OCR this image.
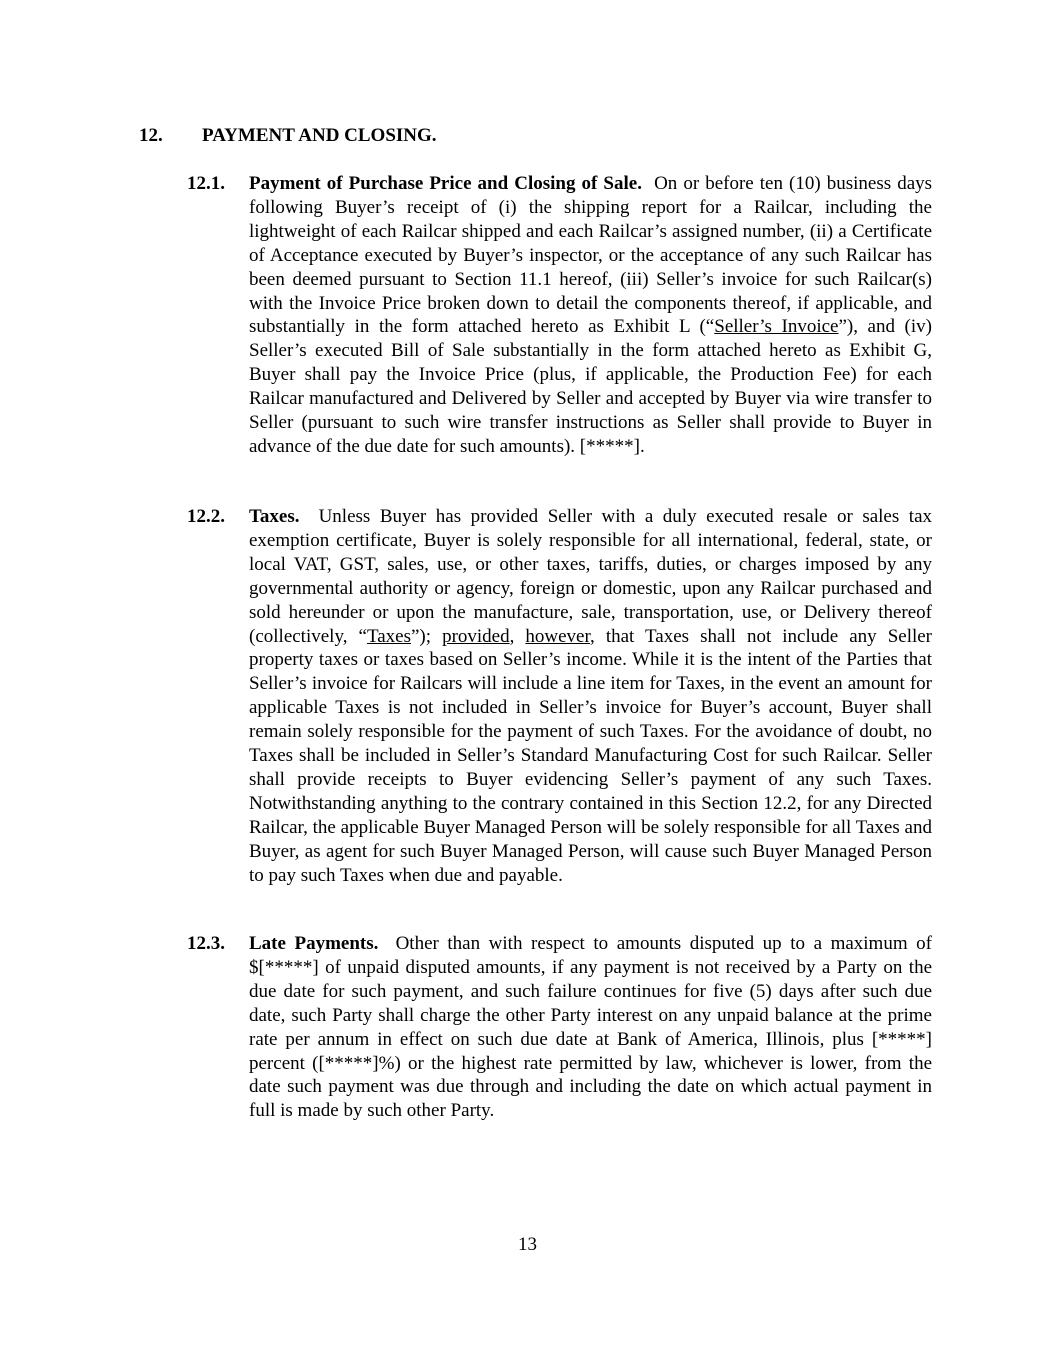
12. PAYMENT AND CLOSING.
12.1. Payment of Purchase Price and Closing of Sale. On or before ten (10) business days following Buyer’s receipt of (i) the shipping report for a Railcar, including the lightweight of each Railcar shipped and each Railcar’s assigned number, (ii) a Certificate of Acceptance executed by Buyer’s inspector, or the acceptance of any such Railcar has been deemed pursuant to Section 11.1 hereof, (iii) Seller’s invoice for such Railcar(s) with the Invoice Price broken down to detail the components thereof, if applicable, and substantially in the form attached hereto as Exhibit L (“Seller’s Invoice”), and (iv) Seller’s executed Bill of Sale substantially in the form attached hereto as Exhibit G, Buyer shall pay the Invoice Price (plus, if applicable, the Production Fee) for each Railcar manufactured and Delivered by Seller and accepted by Buyer via wire transfer to Seller (pursuant to such wire transfer instructions as Seller shall provide to Buyer in advance of the due date for such amounts). [*****].
12.2. Taxes. Unless Buyer has provided Seller with a duly executed resale or sales tax exemption certificate, Buyer is solely responsible for all international, federal, state, or local VAT, GST, sales, use, or other taxes, tariffs, duties, or charges imposed by any governmental authority or agency, foreign or domestic, upon any Railcar purchased and sold hereunder or upon the manufacture, sale, transportation, use, or Delivery thereof (collectively, “Taxes”); provided, however, that Taxes shall not include any Seller property taxes or taxes based on Seller’s income. While it is the intent of the Parties that Seller’s invoice for Railcars will include a line item for Taxes, in the event an amount for applicable Taxes is not included in Seller’s invoice for Buyer’s account, Buyer shall remain solely responsible for the payment of such Taxes. For the avoidance of doubt, no Taxes shall be included in Seller’s Standard Manufacturing Cost for such Railcar. Seller shall provide receipts to Buyer evidencing Seller’s payment of any such Taxes. Notwithstanding anything to the contrary contained in this Section 12.2, for any Directed Railcar, the applicable Buyer Managed Person will be solely responsible for all Taxes and Buyer, as agent for such Buyer Managed Person, will cause such Buyer Managed Person to pay such Taxes when due and payable.
12.3. Late Payments. Other than with respect to amounts disputed up to a maximum of $[*****] of unpaid disputed amounts, if any payment is not received by a Party on the due date for such payment, and such failure continues for five (5) days after such due date, such Party shall charge the other Party interest on any unpaid balance at the prime rate per annum in effect on such due date at Bank of America, Illinois, plus [*****] percent ([*****]%) or the highest rate permitted by law, whichever is lower, from the date such payment was due through and including the date on which actual payment in full is made by such other Party.
13
